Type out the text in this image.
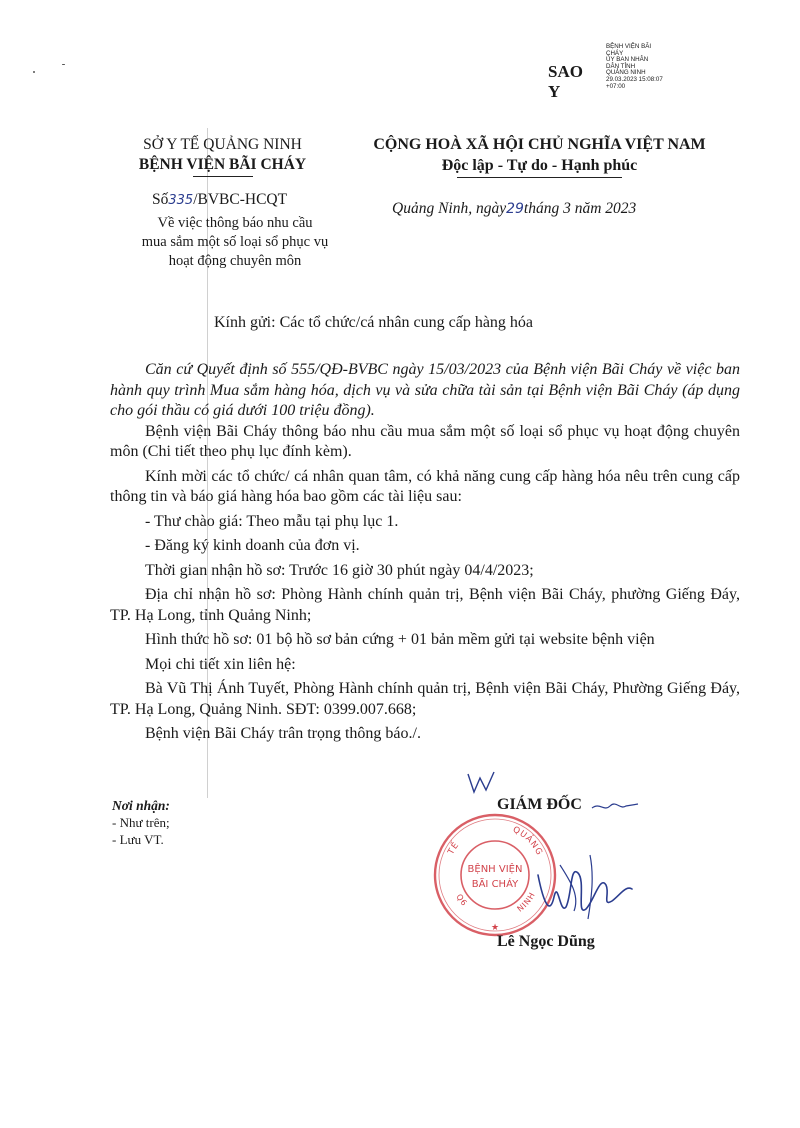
SAO Y
BỆNH VIỆN BÃI
CHÁY
ỦY BAN NHÂN
DÂN TỈNH
QUẢNG NINH
29.03.2023 15:08:07
+07:00
SỞ Y TẾ QUẢNG NINH
BỆNH VIỆN BÃI CHÁY
CỘNG HOÀ XÃ HỘI CHỦ NGHĨA VIỆT NAM
Độc lập - Tự do - Hạnh phúc
Số335/BVBC-HCQT
Về việc thông báo nhu cầu
mua sắm một số loại sổ phục vụ
hoạt động chuyên môn
Quảng Ninh, ngày29tháng 3 năm 2023
Kính gửi: Các tổ chức/cá nhân cung cấp hàng hóa

Căn cứ Quyết định số 555/QĐ-BVBC ngày 15/03/2023 của Bệnh viện Bãi Cháy về việc ban hành quy trình Mua sắm hàng hóa, dịch vụ và sửa chữa tài sản tại Bệnh viện Bãi Cháy (áp dụng cho gói thầu có giá dưới 100 triệu đồng).

Bệnh viện Bãi Cháy thông báo nhu cầu mua sắm một số loại sổ phục vụ hoạt động chuyên môn (Chi tiết theo phụ lục đính kèm).

Kính mời các tổ chức/ cá nhân quan tâm, có khả năng cung cấp hàng hóa nêu trên cung cấp thông tin và báo giá hàng hóa bao gồm các tài liệu sau:

- Thư chào giá: Theo mẫu tại phụ lục 1.

- Đăng ký kinh doanh của đơn vị.

Thời gian nhận hồ sơ: Trước 16 giờ 30 phút ngày 04/4/2023;

Địa chỉ nhận hồ sơ: Phòng Hành chính quản trị, Bệnh viện Bãi Cháy, phường Giếng Đáy, TP. Hạ Long, tỉnh Quảng Ninh;

Hình thức hồ sơ: 01 bộ hồ sơ bản cứng + 01 bản mềm gửi tại website bệnh viện

Mọi chi tiết xin liên hệ:

Bà Vũ Thị Ánh Tuyết, Phòng Hành chính quản trị, Bệnh viện Bãi Cháy, Phường Giếng Đáy, TP. Hạ Long, Quảng Ninh. SĐT: 0399.007.668;

Bệnh viện Bãi Cháy trân trọng thông báo./.

Nơi nhận:
- Như trên;
- Lưu VT.
GIÁM ĐỐC
TẾ
QUẢNG
Q6	NINH
BỆNH VIỆN
BÃI CHÁY
★
Lê Ngọc Dũng
